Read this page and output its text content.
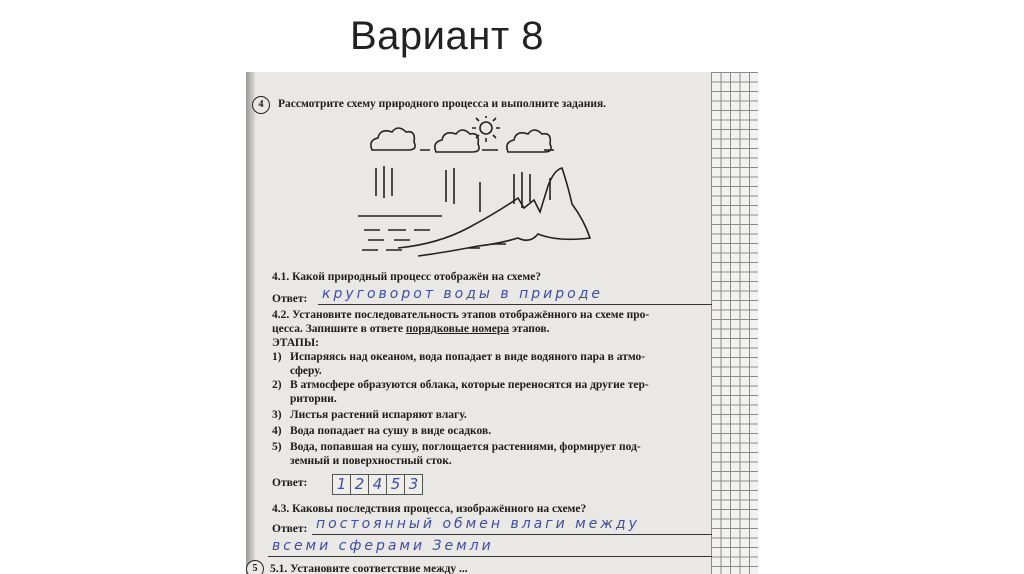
Вариант 8
4	Рассмотрите схему природного процесса и выполните задания.
4.1. Какой природный процесс отображён на схеме?
Ответ: круговорот воды в природе
4.2. Установите последовательность этапов отображённого на схеме про-
цесса. Запишите в ответе порядковые номера этапов.
ЭТАПЫ:
1) Испаряясь над океаном, вода попадает в виде водяного пара в атмо-
сферу.
2) В атмосфере образуются облака, которые переносятся на другие тер-
ритории.
3) Листья растений испаряют влагу.
4) Вода попадает на сушу в виде осадков.
5) Вода, попавшая на сушу, поглощается растениями, формирует под-
земный и поверхностный сток.
Ответ:	1 2 4 5 3
4.3. Каковы последствия процесса, изображённого на схеме?
Ответ: постоянный обмен влаги между
всеми сферами Земли
5	5.1. Установите соответствие между ...
